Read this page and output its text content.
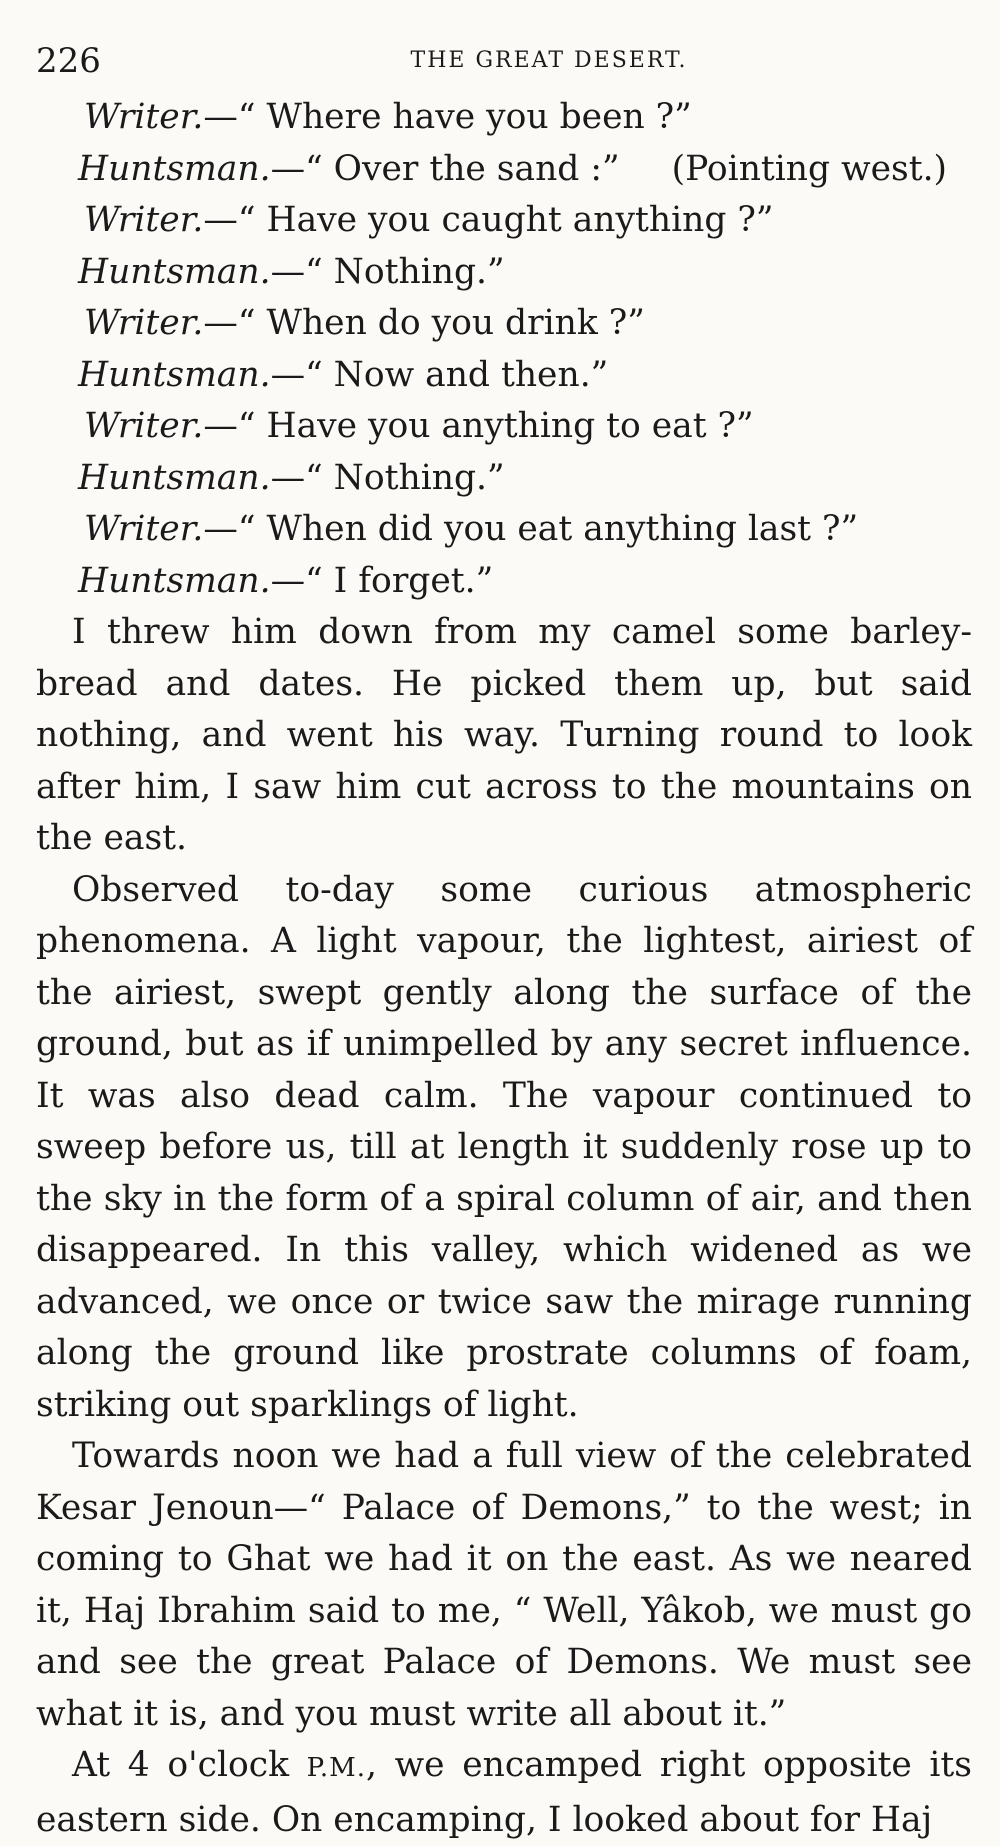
226	THE GREAT DESERT.
Writer.—“ Where have you been ?”
Huntsman.—“ Over the sand :” (Pointing west.)
Writer.—“ Have you caught anything ?”
Huntsman.—“ Nothing.”
Writer.—“ When do you drink ?”
Huntsman.—“ Now and then.”
Writer.—“ Have you anything to eat ?”
Huntsman.—“ Nothing.”
Writer.—“ When did you eat anything last ?”
Huntsman.—“ I forget.”

I threw him down from my camel some barley-bread and dates. He picked them up, but said nothing, and went his way. Turning round to look after him, I saw him cut across to the mountains on the east.

Observed to-day some curious atmospheric phenomena. A light vapour, the lightest, airiest of the airiest, swept gently along the surface of the ground, but as if unimpelled by any secret influence. It was also dead calm. The vapour continued to sweep before us, till at length it suddenly rose up to the sky in the form of a spiral column of air, and then disappeared. In this valley, which widened as we advanced, we once or twice saw the mirage running along the ground like prostrate columns of foam, striking out sparklings of light.

Towards noon we had a full view of the celebrated Kesar Jenoun—“ Palace of Demons,” to the west; in coming to Ghat we had it on the east. As we neared it, Haj Ibrahim said to me, “ Well, Yâkob, we must go and see the great Palace of Demons. We must see what it is, and you must write all about it.”

At 4 o'clock P.M., we encamped right opposite its eastern side. On encamping, I looked about for Haj
